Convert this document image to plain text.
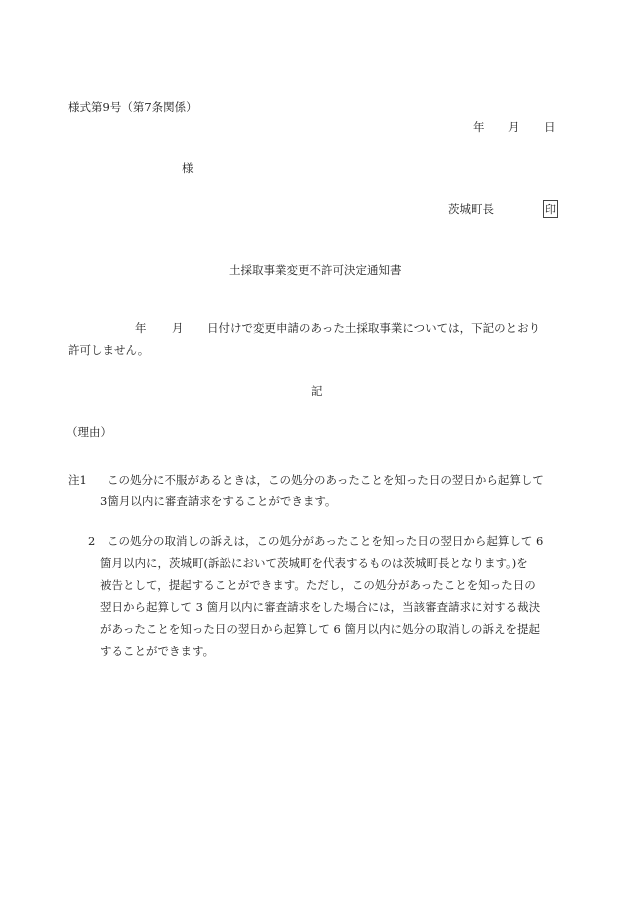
様式第9号（第7条関係）
年 月 日
様
茨城町長	印
土採取事業変更不許可決定通知書
年 月 日付けで変更申請のあった土採取事業については，下記のとおり
許可しません。
記
（理由）
注1 この処分に不服があるときは，この処分のあったことを知った日の翌日から起算して
3箇月以内に審査請求をすることができます。
2 この処分の取消しの訴えは，この処分があったことを知った日の翌日から起算して 6
箇月以内に，茨城町(訴訟において茨城町を代表するものは茨城町長となります。)を
被告として，提起することができます。ただし，この処分があったことを知った日の
翌日から起算して 3 箇月以内に審査請求をした場合には，当該審査請求に対する裁決
があったことを知った日の翌日から起算して 6 箇月以内に処分の取消しの訴えを提起
することができます。
